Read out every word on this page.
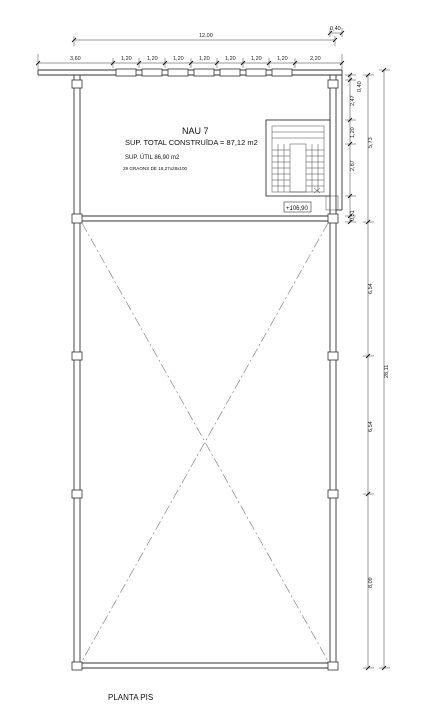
12,00
0,40
3,60	1,20	1,20	1,20	1,20	1,20	1,20	1,20	2,20
NAU 7
SUP. TOTAL CONSTRUÏDA = 87,12 m2
SUP. ÚTIL 86,90 m2
29 GRAONS DE 18,27x28x100
+106,90
0,40
2,47
1,20
2,87
0,51
5,73
6,54
6,54
8,09
28,11
PLANTA PIS
